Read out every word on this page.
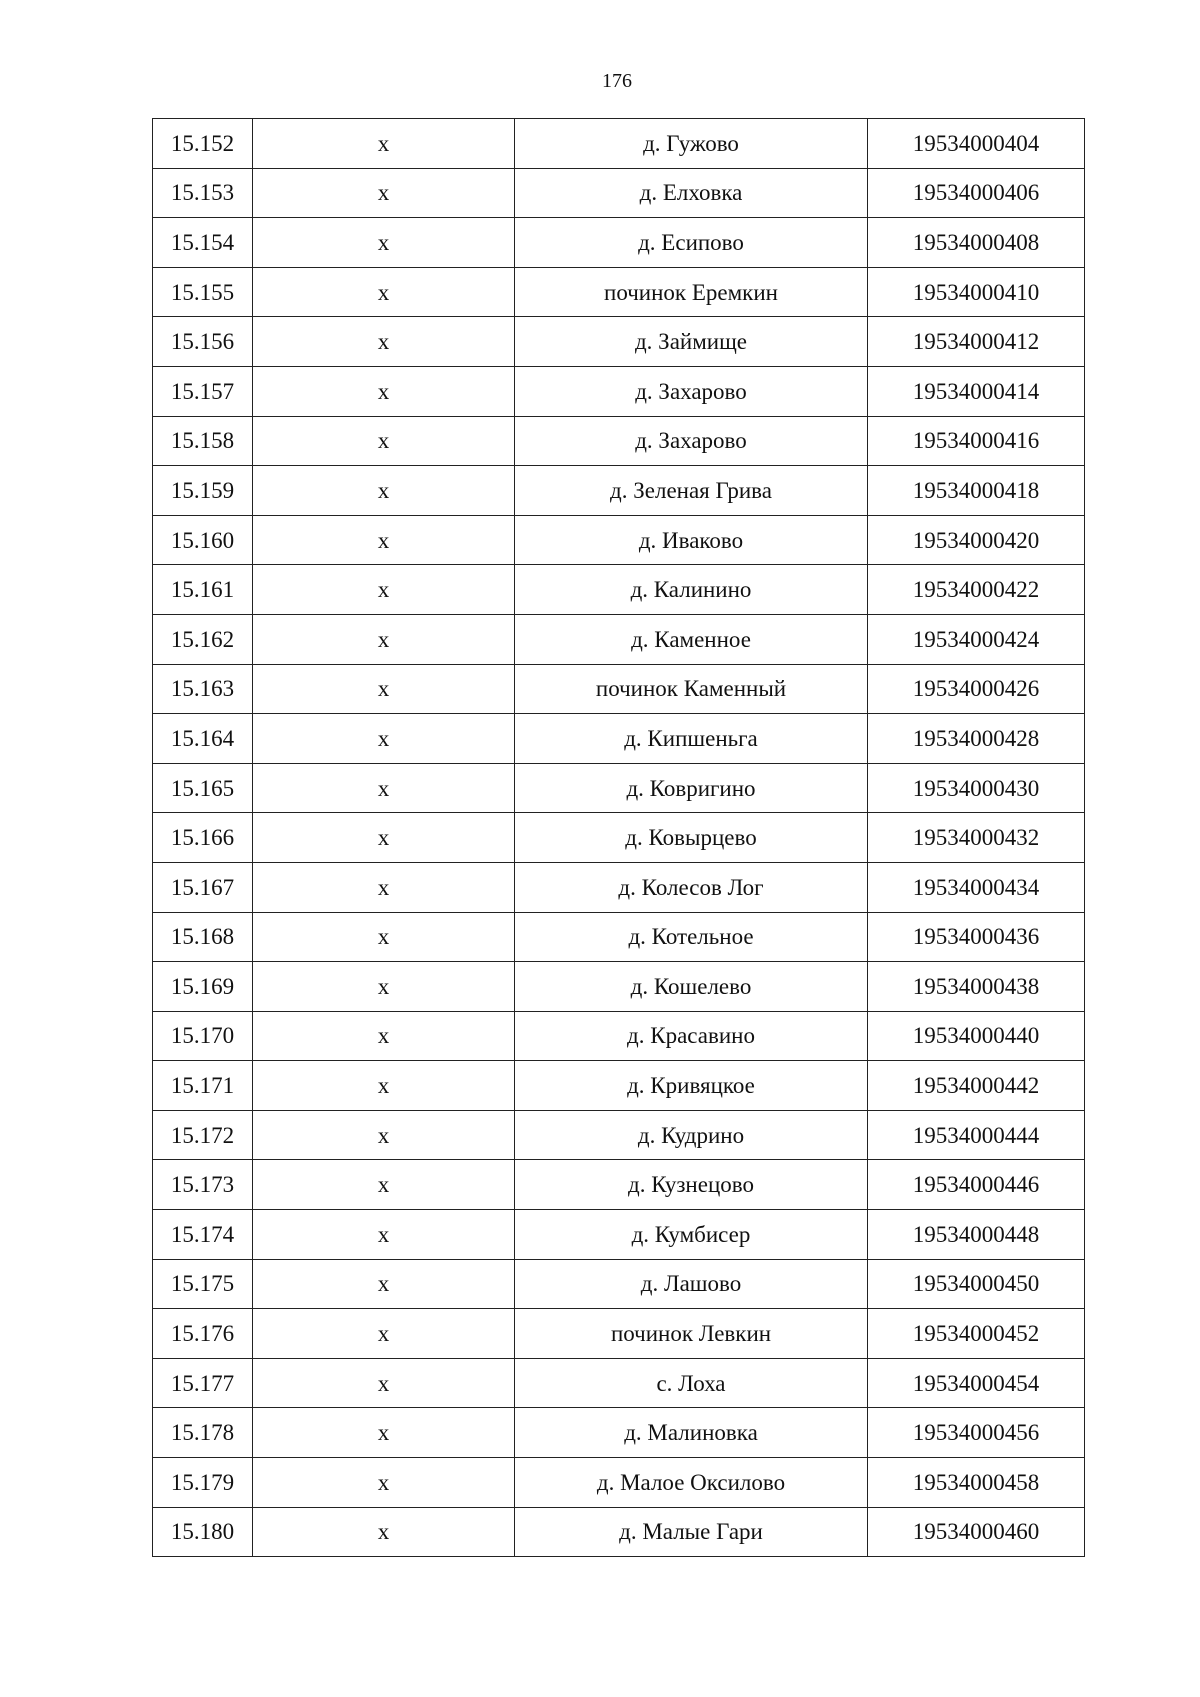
176
15.152	х	д. Гужово	19534000404
15.153	х	д. Елховка	19534000406
15.154	х	д. Есипово	19534000408
15.155	х	починок Еремкин	19534000410
15.156	х	д. Займище	19534000412
15.157	х	д. Захарово	19534000414
15.158	х	д. Захарово	19534000416
15.159	х	д. Зеленая Грива	19534000418
15.160	х	д. Иваково	19534000420
15.161	х	д. Калинино	19534000422
15.162	х	д. Каменное	19534000424
15.163	х	починок Каменный	19534000426
15.164	х	д. Кипшеньга	19534000428
15.165	х	д. Ковригино	19534000430
15.166	х	д. Ковырцево	19534000432
15.167	х	д. Колесов Лог	19534000434
15.168	х	д. Котельное	19534000436
15.169	х	д. Кошелево	19534000438
15.170	х	д. Красавино	19534000440
15.171	х	д. Кривяцкое	19534000442
15.172	х	д. Кудрино	19534000444
15.173	х	д. Кузнецово	19534000446
15.174	х	д. Кумбисер	19534000448
15.175	х	д. Лашово	19534000450
15.176	х	починок Левкин	19534000452
15.177	х	с. Лоха	19534000454
15.178	х	д. Малиновка	19534000456
15.179	х	д. Малое Оксилово	19534000458
15.180	х	д. Малые Гари	19534000460
